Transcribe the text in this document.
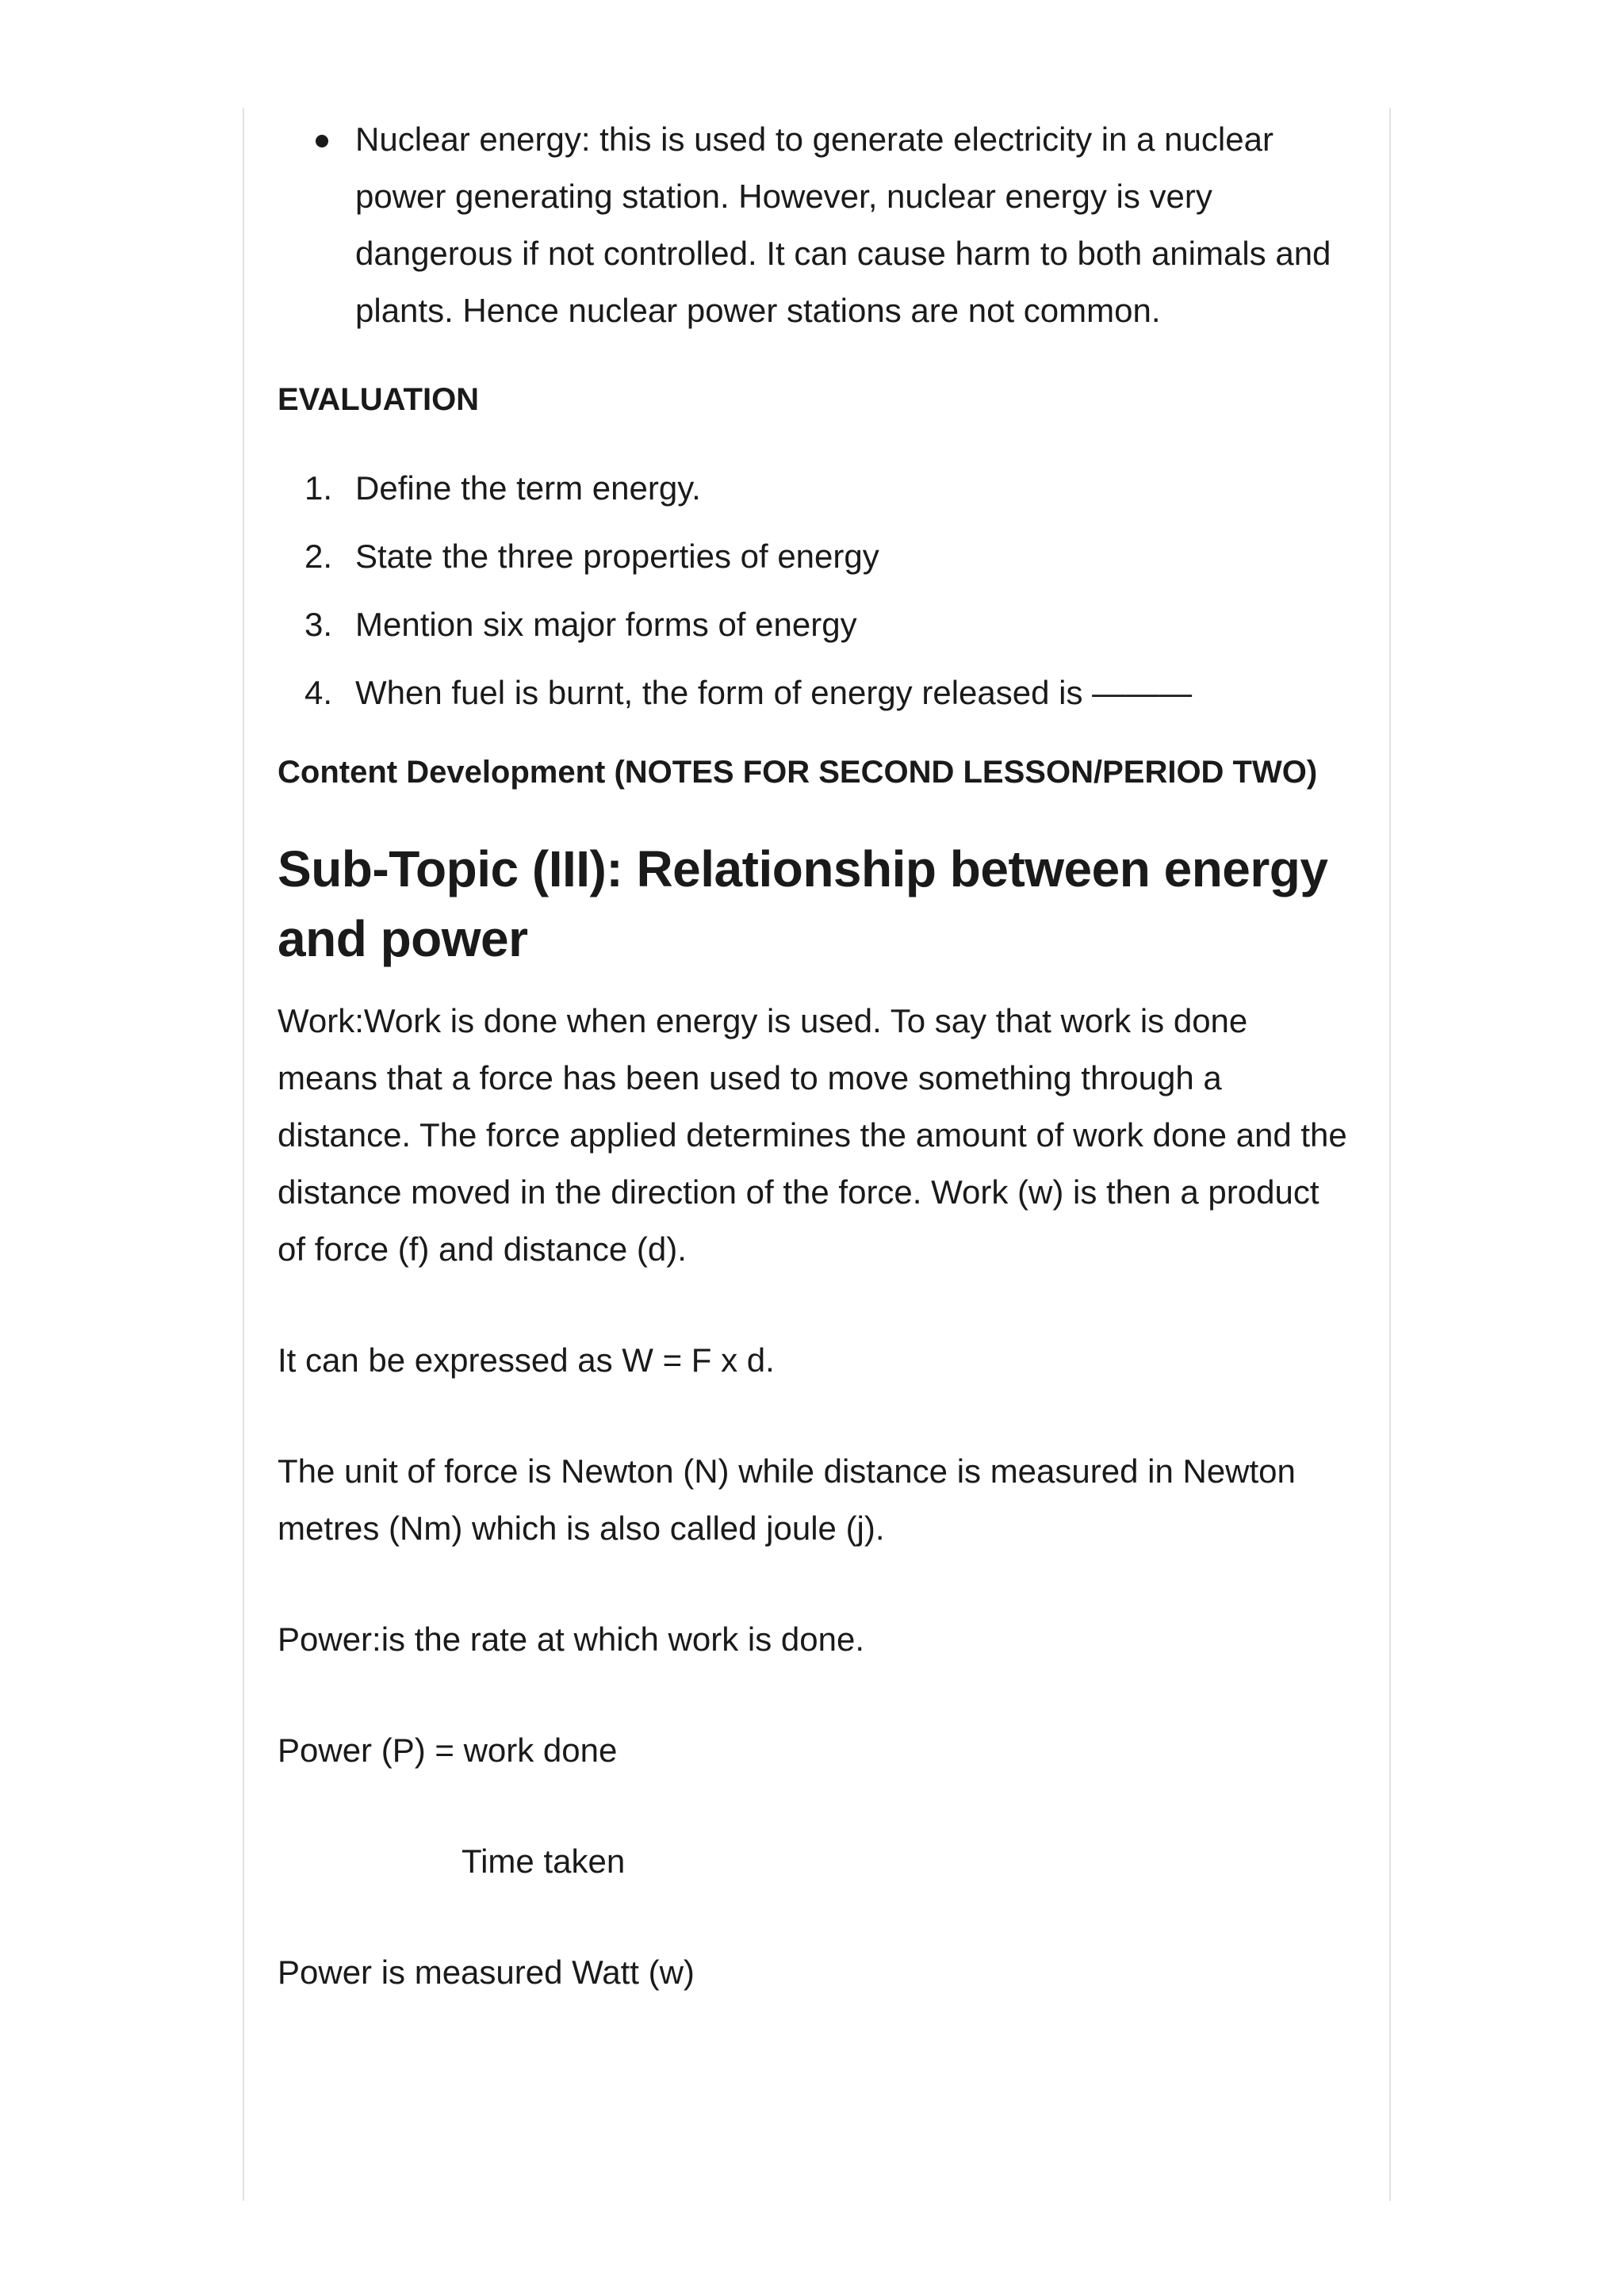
Nuclear energy: this is used to generate electricity in a nuclear power generating station. However, nuclear energy is very dangerous if not controlled. It can cause harm to both animals and plants. Hence nuclear power stations are not common.
EVALUATION
1. Define the term energy.
2. State the three properties of energy
3. Mention six major forms of energy
4. When fuel is burnt, the form of energy released is ———
Content Development (NOTES FOR SECOND LESSON/PERIOD TWO)
Sub-Topic (III): Relationship between energy and power

Work:Work is done when energy is used. To say that work is done means that a force has been used to move something through a distance. The force applied determines the amount of work done and the distance moved in the direction of the force. Work (w) is then a product of force (f) and distance (d).

It can be expressed as W = F x d.

The unit of force is Newton (N) while distance is measured in Newton metres (Nm) which is also called joule (j).

Power:is the rate at which work is done.

Power (P) = work done

Time taken

Power is measured Watt (w)
